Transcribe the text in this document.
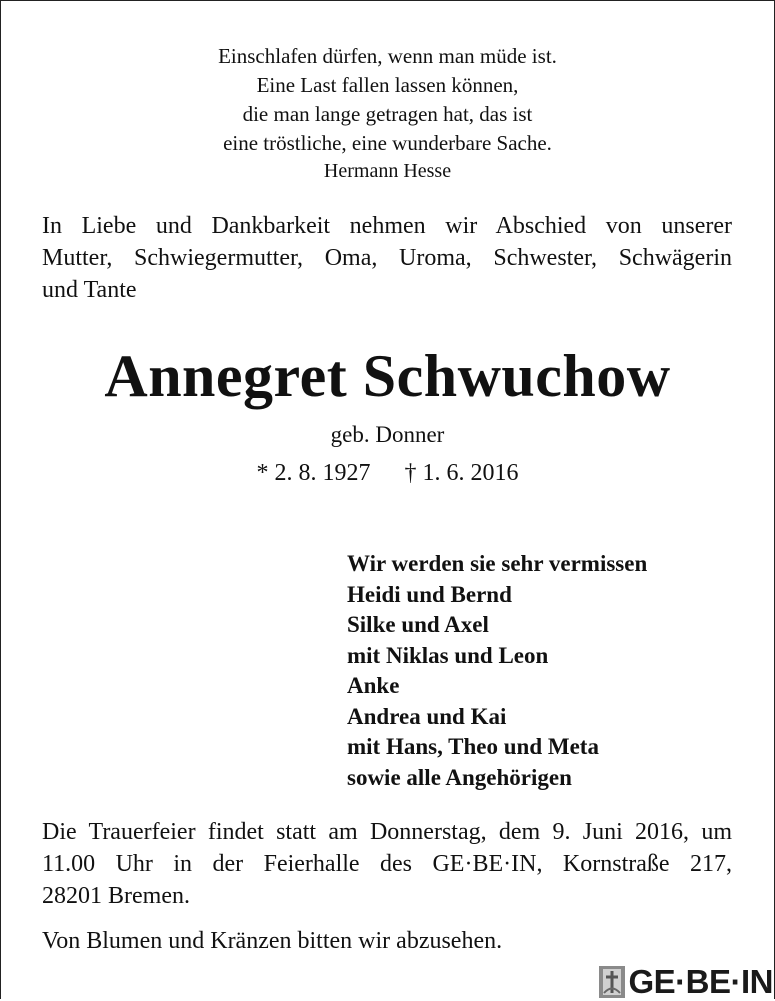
Einschlafen dürfen, wenn man müde ist.
Eine Last fallen lassen können,
die man lange getragen hat, das ist
eine tröstliche, eine wunderbare Sache.
Hermann Hesse
In Liebe und Dankbarkeit nehmen wir Abschied von unserer
Mutter, Schwiegermutter, Oma, Uroma, Schwester, Schwägerin
und Tante
Annegret Schwuchow
geb. Donner
* 2. 8. 1927 † 1. 6. 2016
Wir werden sie sehr vermissen
Heidi und Bernd
Silke und Axel
mit Niklas und Leon
Anke
Andrea und Kai
mit Hans, Theo und Meta
sowie alle Angehörigen
Die Trauerfeier findet statt am Donnerstag, dem 9. Juni 2016, um
11.00 Uhr in der Feierhalle des GE·BE·IN, Kornstraße 217,
28201 Bremen.
Von Blumen und Kränzen bitten wir abzusehen.
GE·BE·IN
